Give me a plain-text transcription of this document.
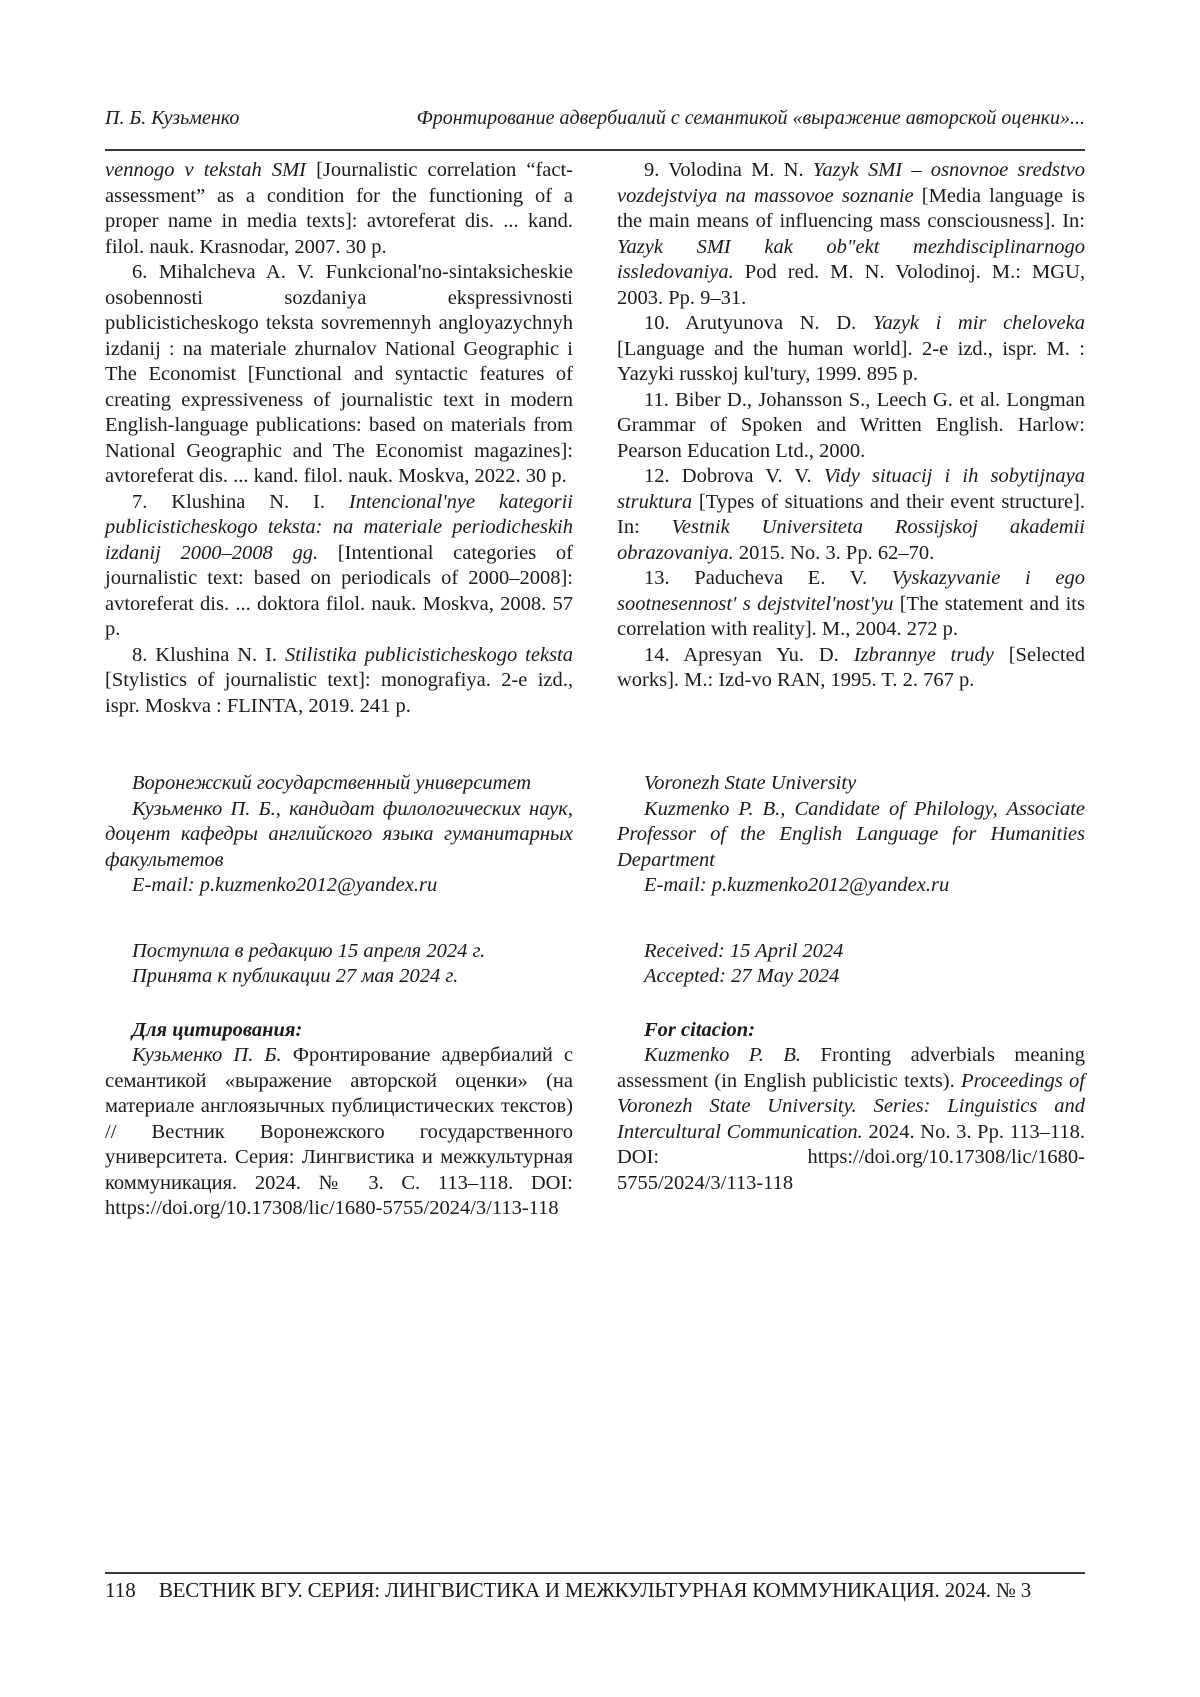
П. Б. Кузьменко	Фронтирование адвербиалий с семантикой «выражение авторской оценки»...

vennogo v tekstah SMI [Journalistic correlation “fact-assessment” as a condition for the functioning of a proper name in media texts]: avtoreferat dis. ... kand. filol. nauk. Krasnodar, 2007. 30 p.

6. Mihalcheva A. V. Funkcional'no-sintaksicheskie osobennosti sozdaniya ekspressivnosti publicisticheskogo teksta sovremennyh angloyazychnyh izdanij : na materiale zhurnalov National Geographic i The Economist [Functional and syntactic features of creating expressiveness of journalistic text in modern English-language publications: based on materials from National Geographic and The Economist magazines]: avtoreferat dis. ... kand. filol. nauk. Moskva, 2022. 30 p.

7. Klushina N. I. Intencional'nye kategorii publicisticheskogo teksta: na materiale periodicheskih izdanij 2000–2008 gg. [Intentional categories of journalistic text: based on periodicals of 2000–2008]: avtoreferat dis. ... doktora filol. nauk. Moskva, 2008. 57 p.

8. Klushina N. I. Stilistika publicisticheskogo teksta [Stylistics of journalistic text]: monografiya. 2-e izd., ispr. Moskva : FLINTA, 2019. 241 p.

9. Volodina M. N. Yazyk SMI – osnovnoe sredstvo vozdejstviya na massovoe soznanie [Media language is the main means of influencing mass consciousness]. In: Yazyk SMI kak ob"ekt mezhdisciplinarnogo issledovaniya. Pod red. M. N. Volodinoj. M.: MGU, 2003. Pp. 9–31.

10. Arutyunova N. D. Yazyk i mir cheloveka [Language and the human world]. 2-e izd., ispr. M. : Yazyki russkoj kul'tury, 1999. 895 p.

11. Biber D., Johansson S., Leech G. et al. Longman Grammar of Spoken and Written English. Harlow: Pearson Education Ltd., 2000.

12. Dobrova V. V. Vidy situacij i ih sobytijnaya struktura [Types of situations and their event structure]. In: Vestnik Universiteta Rossijskoj akademii obrazovaniya. 2015. No. 3. Pp. 62–70.

13. Paducheva E. V. Vyskazyvanie i ego sootnesennost' s dejstvitel'nost'yu [The statement and its correlation with reality]. M., 2004. 272 p.

14. Apresyan Yu. D. Izbrannye trudy [Selected works]. M.: Izd-vo RAN, 1995. T. 2. 767 p.

Воронежский государственный университет

Кузьменко П. Б., кандидат филологических наук, доцент кафедры английского языка гуманитарных факультетов

E-mail: p.kuzmenko2012@yandex.ru

Voronezh State University

Kuzmenko P. B., Candidate of Philology, Associate Professor of the English Language for Humanities Department

E-mail: p.kuzmenko2012@yandex.ru

Поступила в редакцию 15 апреля 2024 г.

Принята к публикации 27 мая 2024 г.

Received: 15 April 2024

Accepted: 27 May 2024

Для цитирования:

Кузьменко П. Б. Фронтирование адвербиалий с семантикой «выражение авторской оценки» (на материале англоязычных публицистических текстов) // Вестник Воронежского государственного университета. Серия: Лингвистика и межкультурная коммуникация. 2024. № 3. С. 113–118. DOI: https://doi.org/10.17308/lic/1680-5755/2024/3/113-118

For citacion:

Kuzmenko P. B. Fronting adverbials meaning assessment (in English publicistic texts). Proceedings of Voronezh State University. Series: Linguistics and Intercultural Communication. 2024. No. 3. Pp. 113–118. DOI: https://doi.org/10.17308/lic/1680-5755/2024/3/113-118

118	ВЕСТНИК ВГУ. СЕРИЯ: ЛИНГВИСТИКА И МЕЖКУЛЬТУРНАЯ КОММУНИКАЦИЯ. 2024. № 3
